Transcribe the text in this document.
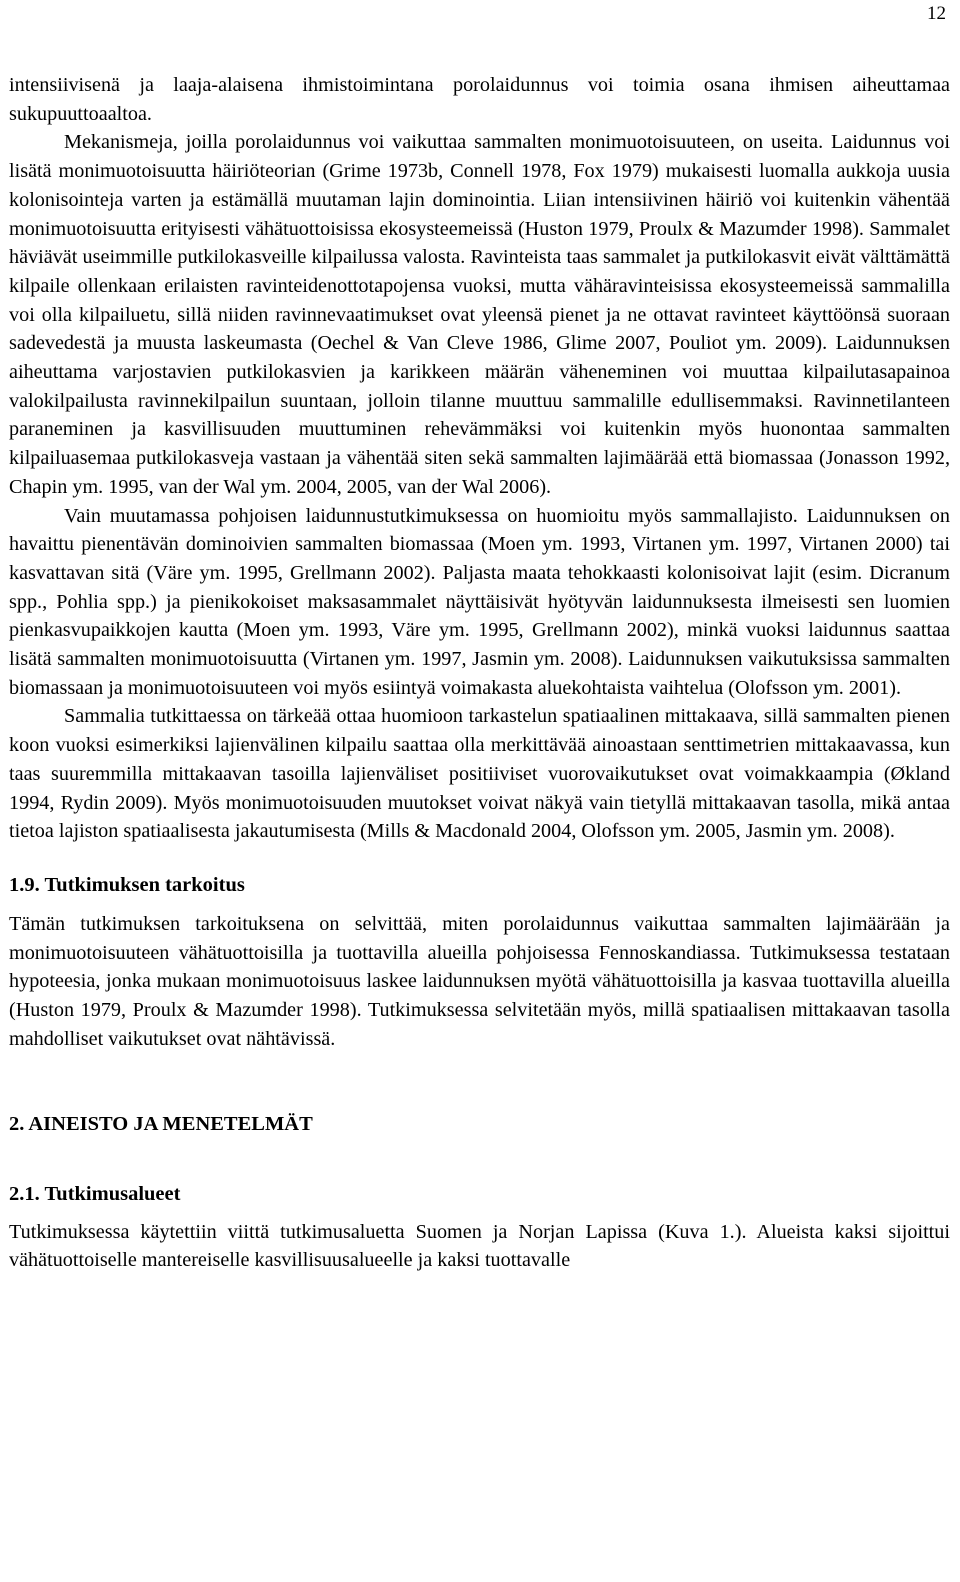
12

intensiivisenä ja laaja-alaisena ihmistoimintana porolaidunnus voi toimia osana ihmisen aiheuttamaa sukupuuttoaaltoa.

Mekanismeja, joilla porolaidunnus voi vaikuttaa sammalten monimuotoisuuteen, on useita. Laidunnus voi lisätä monimuotoisuutta häiriöteorian (Grime 1973b, Connell 1978, Fox 1979) mukaisesti luomalla aukkoja uusia kolonisointeja varten ja estämällä muutaman lajin dominointia. Liian intensiivinen häiriö voi kuitenkin vähentää monimuotoisuutta erityisesti vähätuottoisissa ekosysteemeissä (Huston 1979, Proulx & Mazumder 1998). Sammalet häviävät useimmille putkilokasveille kilpailussa valosta. Ravinteista taas sammalet ja putkilokasvit eivät välttämättä kilpaile ollenkaan erilaisten ravinteidenottotapojensa vuoksi, mutta vähäravinteisissa ekosysteemeissä sammalilla voi olla kilpailuetu, sillä niiden ravinnevaatimukset ovat yleensä pienet ja ne ottavat ravinteet käyttöönsä suoraan sadevedestä ja muusta laskeumasta (Oechel & Van Cleve 1986, Glime 2007, Pouliot ym. 2009). Laidunnuksen aiheuttama varjostavien putkilokasvien ja karikkeen määrän väheneminen voi muuttaa kilpailutasapainoa valokilpailusta ravinnekilpailun suuntaan, jolloin tilanne muuttuu sammalille edullisemmaksi. Ravinnetilanteen paraneminen ja kasvillisuuden muuttuminen rehevämmäksi voi kuitenkin myös huonontaa sammalten kilpailuasemaa putkilokasveja vastaan ja vähentää siten sekä sammalten lajimäärää että biomassaa (Jonasson 1992, Chapin ym. 1995, van der Wal ym. 2004, 2005, van der Wal 2006).

Vain muutamassa pohjoisen laidunnustutkimuksessa on huomioitu myös sammallajisto. Laidunnuksen on havaittu pienentävän dominoivien sammalten biomassaa (Moen ym. 1993, Virtanen ym. 1997, Virtanen 2000) tai kasvattavan sitä (Väre ym. 1995, Grellmann 2002). Paljasta maata tehokkaasti kolonisoivat lajit (esim. Dicranum spp., Pohlia spp.) ja pienikokoiset maksasammalet näyttäisivät hyötyvän laidunnuksesta ilmeisesti sen luomien pienkasvupaikkojen kautta (Moen ym. 1993, Väre ym. 1995, Grellmann 2002), minkä vuoksi laidunnus saattaa lisätä sammalten monimuotoisuutta (Virtanen ym. 1997, Jasmin ym. 2008). Laidunnuksen vaikutuksissa sammalten biomassaan ja monimuotoisuuteen voi myös esiintyä voimakasta aluekohtaista vaihtelua (Olofsson ym. 2001).

Sammalia tutkittaessa on tärkeää ottaa huomioon tarkastelun spatiaalinen mittakaava, sillä sammalten pienen koon vuoksi esimerkiksi lajienvälinen kilpailu saattaa olla merkittävää ainoastaan senttimetrien mittakaavassa, kun taas suuremmilla mittakaavan tasoilla lajienväliset positiiviset vuorovaikutukset ovat voimakkaampia (Økland 1994, Rydin 2009). Myös monimuotoisuuden muutokset voivat näkyä vain tietyllä mittakaavan tasolla, mikä antaa tietoa lajiston spatiaalisesta jakautumisesta (Mills & Macdonald 2004, Olofsson ym. 2005, Jasmin ym. 2008).

1.9. Tutkimuksen tarkoitus

Tämän tutkimuksen tarkoituksena on selvittää, miten porolaidunnus vaikuttaa sammalten lajimäärään ja monimuotoisuuteen vähätuottoisilla ja tuottavilla alueilla pohjoisessa Fennoskandiassa. Tutkimuksessa testataan hypoteesia, jonka mukaan monimuotoisuus laskee laidunnuksen myötä vähätuottoisilla ja kasvaa tuottavilla alueilla (Huston 1979, Proulx & Mazumder 1998). Tutkimuksessa selvitetään myös, millä spatiaalisen mittakaavan tasolla mahdolliset vaikutukset ovat nähtävissä.

2. AINEISTO JA MENETELMÄT
2.1. Tutkimusalueet

Tutkimuksessa käytettiin viittä tutkimusaluetta Suomen ja Norjan Lapissa (Kuva 1.). Alueista kaksi sijoittui vähätuottoiselle mantereiselle kasvillisuusalueelle ja kaksi tuottavalle
